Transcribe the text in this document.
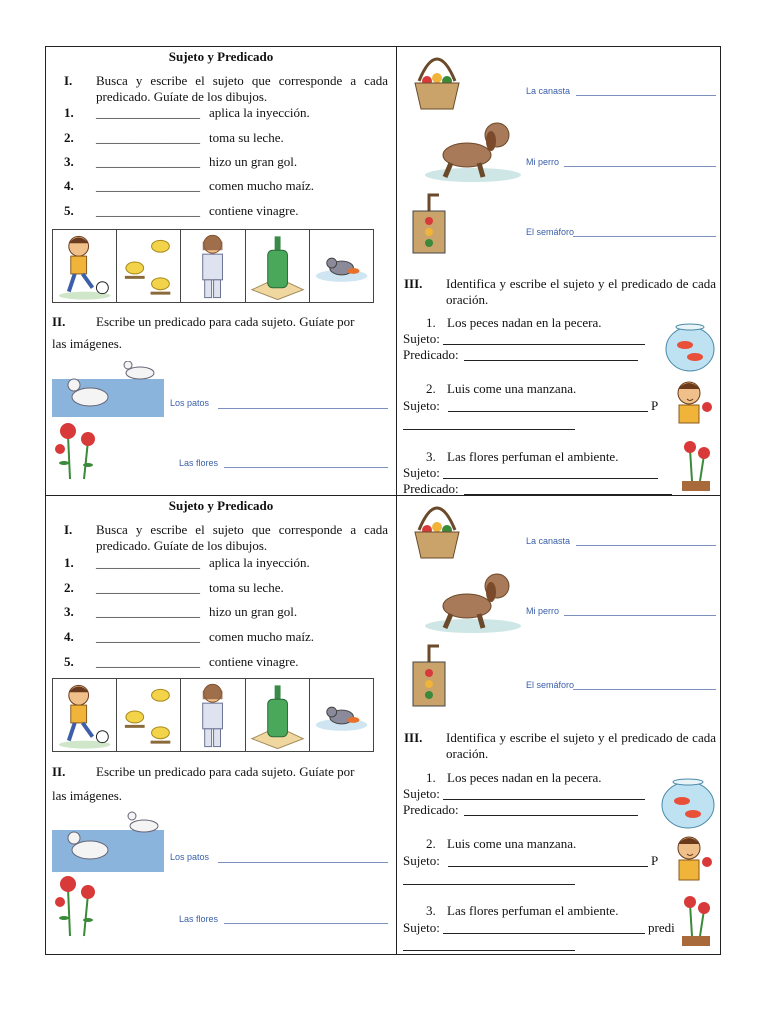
Sujeto y Predicado
I. Busca y escribe el sujeto que corresponde a cada predicado. Guíate de los dibujos.
1. ________________ aplica la inyección.
2. ________________ toma su leche.
3. ________________ hizo un gran gol.
4. ________________ comen mucho maíz.
5. ________________ contiene vinagre.
II. Escribe un predicado para cada sujeto. Guíate por
las imágenes.
Los patos
Las flores
La canasta
Mi perro
El semáforo
III. Identifica y escribe el sujeto y el predicado de cada oración.
1. Los peces nadan en la pecera.
Sujeto:
Predicado:
2. Luis come una manzana.
Sujeto:	P
3. Las flores perfuman el ambiente.
Sujeto:
Predicado:
Sujeto y Predicado
I. Busca y escribe el sujeto que corresponde a cada predicado. Guíate de los dibujos.
1. ________________ aplica la inyección.
2. ________________ toma su leche.
3. ________________ hizo un gran gol.
4. ________________ comen mucho maíz.
5. ________________ contiene vinagre.
II. Escribe un predicado para cada sujeto. Guíate por
las imágenes.
Los patos
Las flores
La canasta
Mi perro
El semáforo
III. Identifica y escribe el sujeto y el predicado de cada oración.
1. Los peces nadan en la pecera.
Sujeto:
Predicado:
2. Luis come una manzana.
Sujeto:	P
3. Las flores perfuman el ambiente.
Sujeto:	predi
